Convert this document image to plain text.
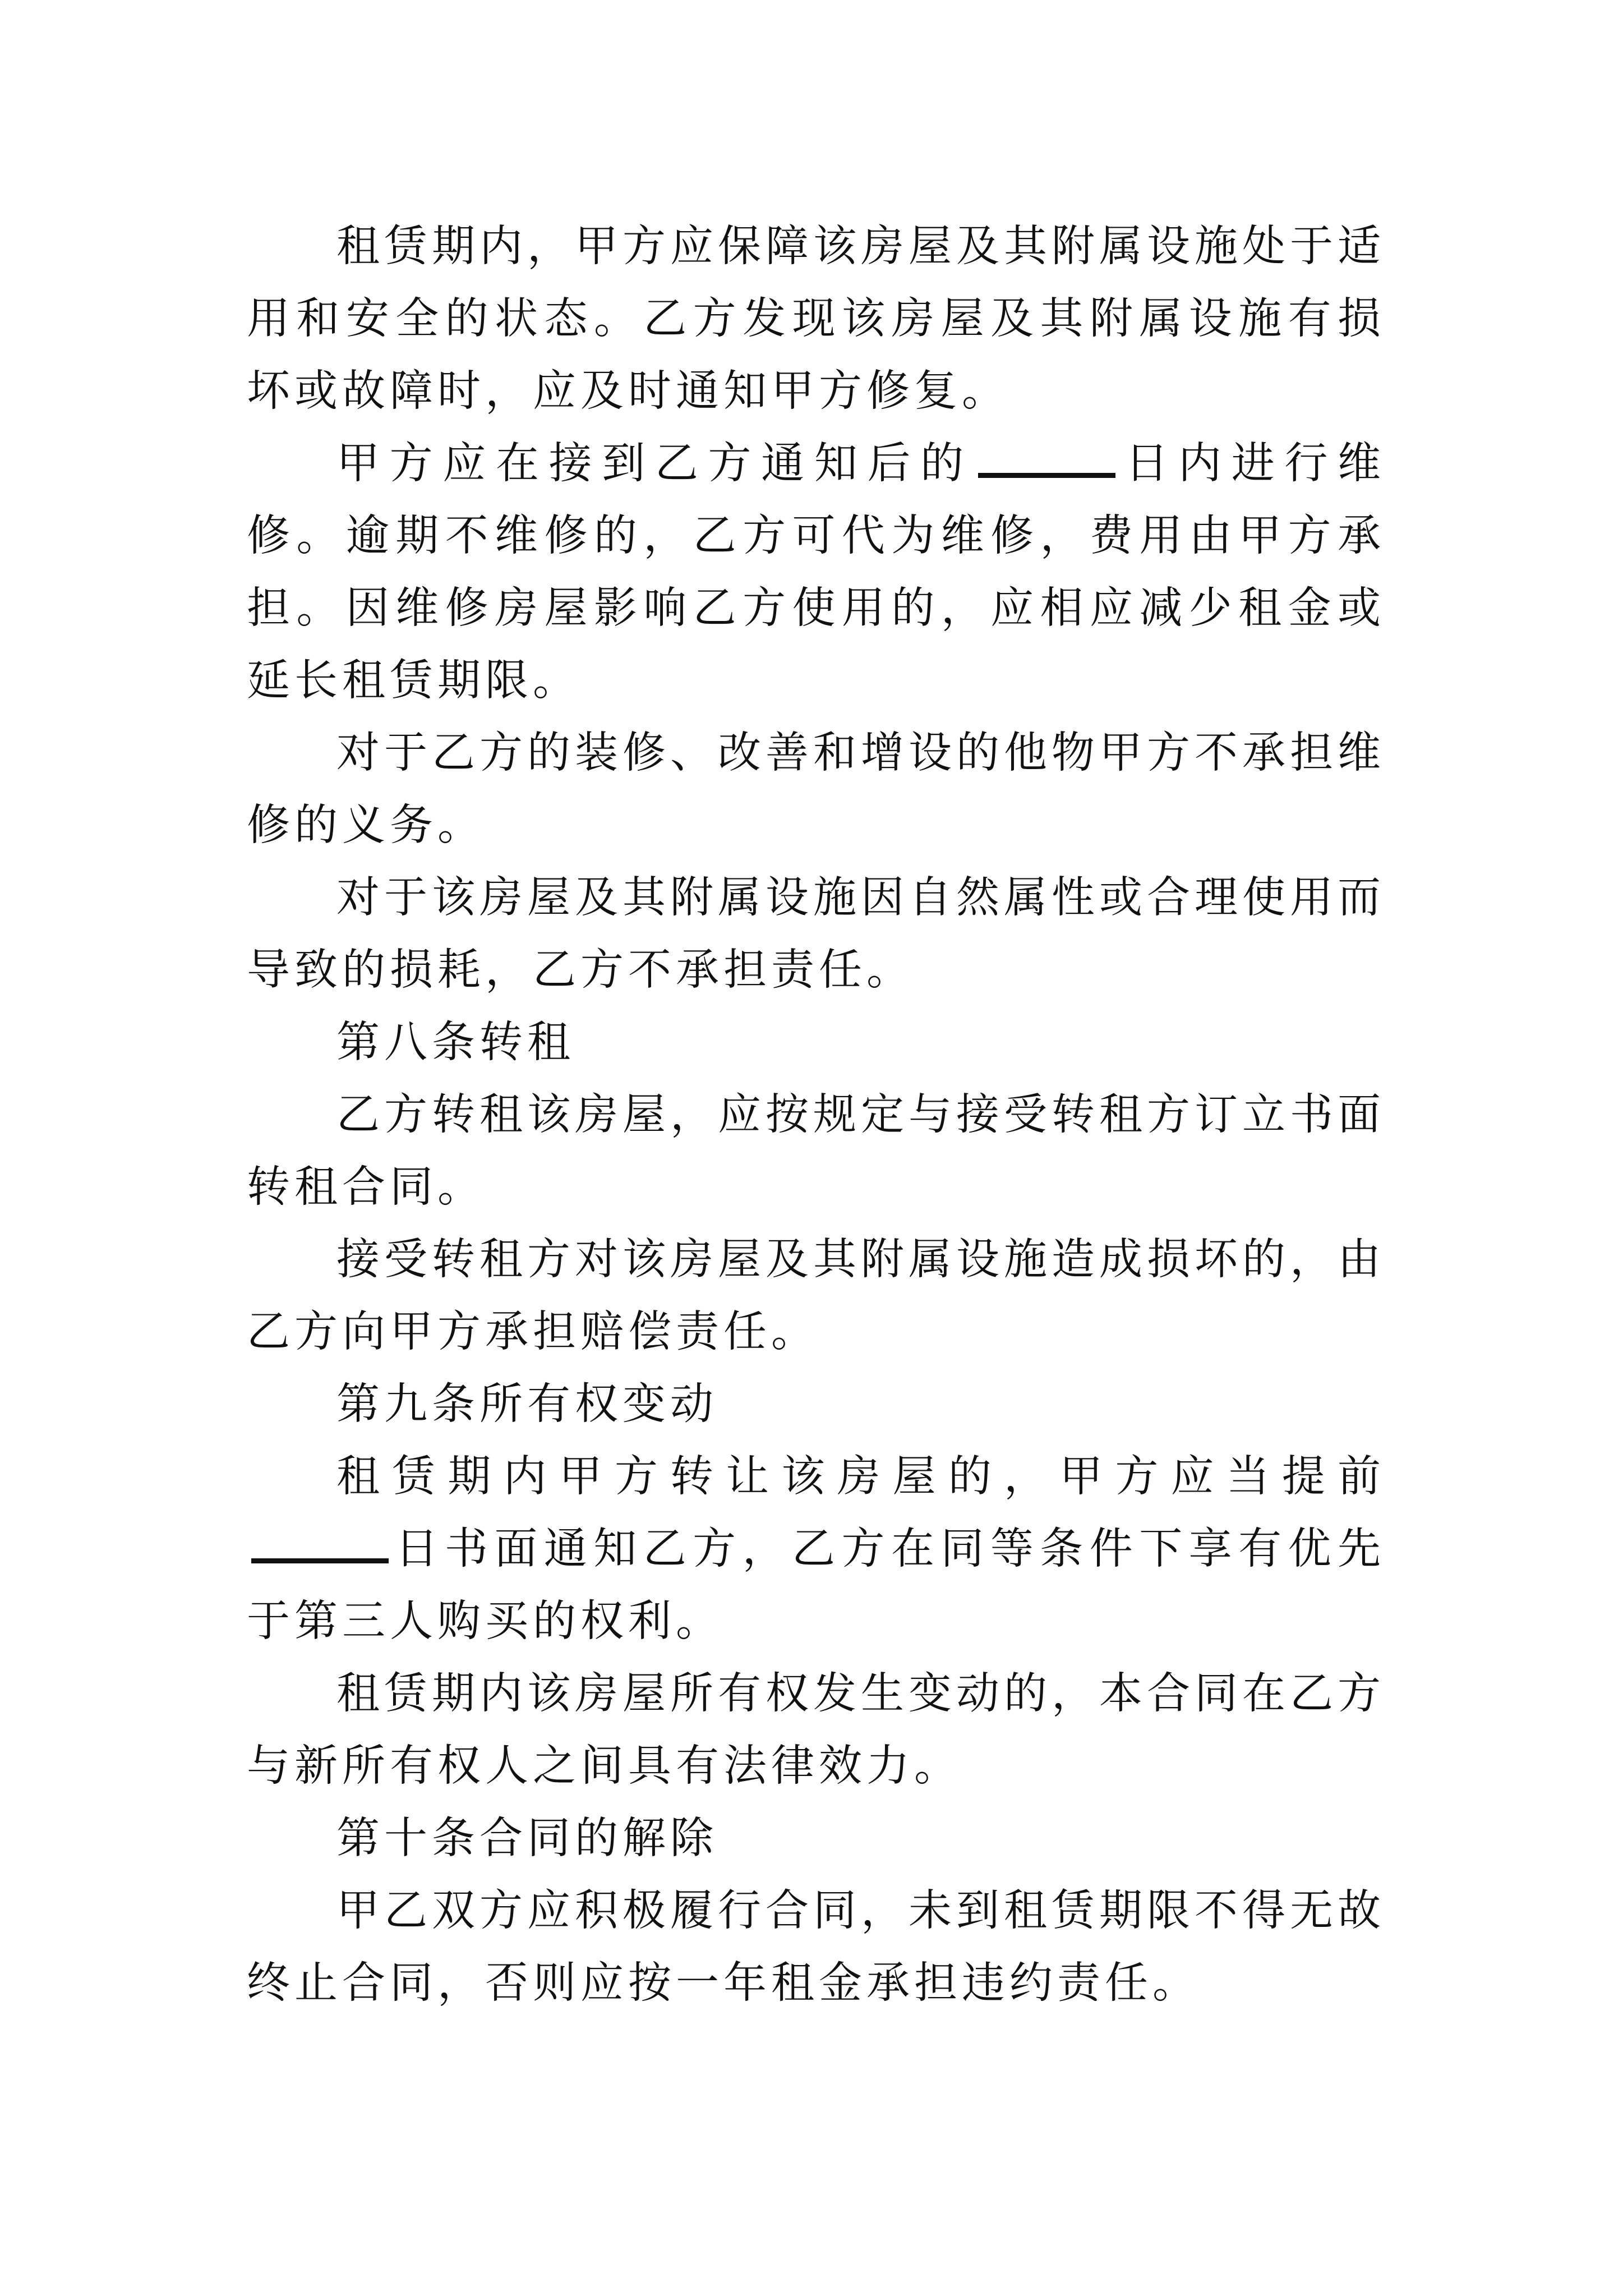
租赁期内，甲方应保障该房屋及其附属设施处于适用和安全的状态。乙方发现该房屋及其附属设施有损坏或故障时，应及时通知甲方修复。

甲方应在接到乙方通知后的	日内进行维修。逾期不维修的，乙方可代为维修，费用由甲方承担。因维修房屋影响乙方使用的，应相应减少租金或延长租赁期限。

对于乙方的装修、改善和增设的他物甲方不承担维修的义务。

对于该房屋及其附属设施因自然属性或合理使用而导致的损耗，乙方不承担责任。

第八条转租

乙方转租该房屋，应按规定与接受转租方订立书面转租合同。

接受转租方对该房屋及其附属设施造成损坏的，由乙方向甲方承担赔偿责任。

第九条所有权变动

租赁期内甲方转让该房屋的，甲方应当提前日书面通知乙方，乙方在同等条件下享有优先于第三人购买的权利。

租赁期内该房屋所有权发生变动的，本合同在乙方与新所有权人之间具有法律效力。

第十条合同的解除

甲乙双方应积极履行合同，未到租赁期限不得无故终止合同，否则应按一年租金承担违约责任。
